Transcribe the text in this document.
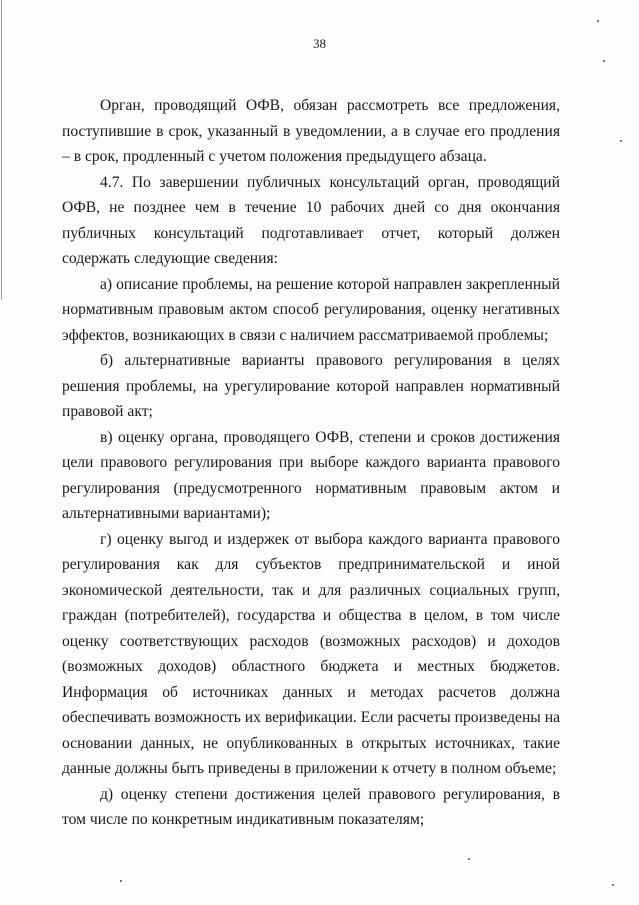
38

Орган, проводящий ОФВ, обязан рассмотреть все предложения, поступившие в срок, указанный в уведомлении, а в случае его продления – в срок, продленный с учетом положения предыдущего абзаца.

4.7. По завершении публичных консультаций орган, проводящий ОФВ, не позднее чем в течение 10 рабочих дней со дня окончания публичных консультаций подготавливает отчет, который должен содержать следующие сведения:

а) описание проблемы, на решение которой направлен закрепленный нормативным правовым актом способ регулирования, оценку негативных эффектов, возникающих в связи с наличием рассматриваемой проблемы;

б) альтернативные варианты правового регулирования в целях решения проблемы, на урегулирование которой направлен нормативный правовой акт;

в) оценку органа, проводящего ОФВ, степени и сроков достижения цели правового регулирования при выборе каждого варианта правового регулирования (предусмотренного нормативным правовым актом и альтернативными вариантами);

г) оценку выгод и издержек от выбора каждого варианта правового регулирования как для субъектов предпринимательской и иной экономической деятельности, так и для различных социальных групп, граждан (потребителей), государства и общества в целом, в том числе оценку соответствующих расходов (возможных расходов) и доходов (возможных доходов) областного бюджета и местных бюджетов. Информация об источниках данных и методах расчетов должна обеспечивать возможность их верификации. Если расчеты произведены на основании данных, не опубликованных в открытых источниках, такие данные должны быть приведены в приложении к отчету в полном объеме;

д) оценку степени достижения целей правового регулирования, в том числе по конкретным индикативным показателям;
